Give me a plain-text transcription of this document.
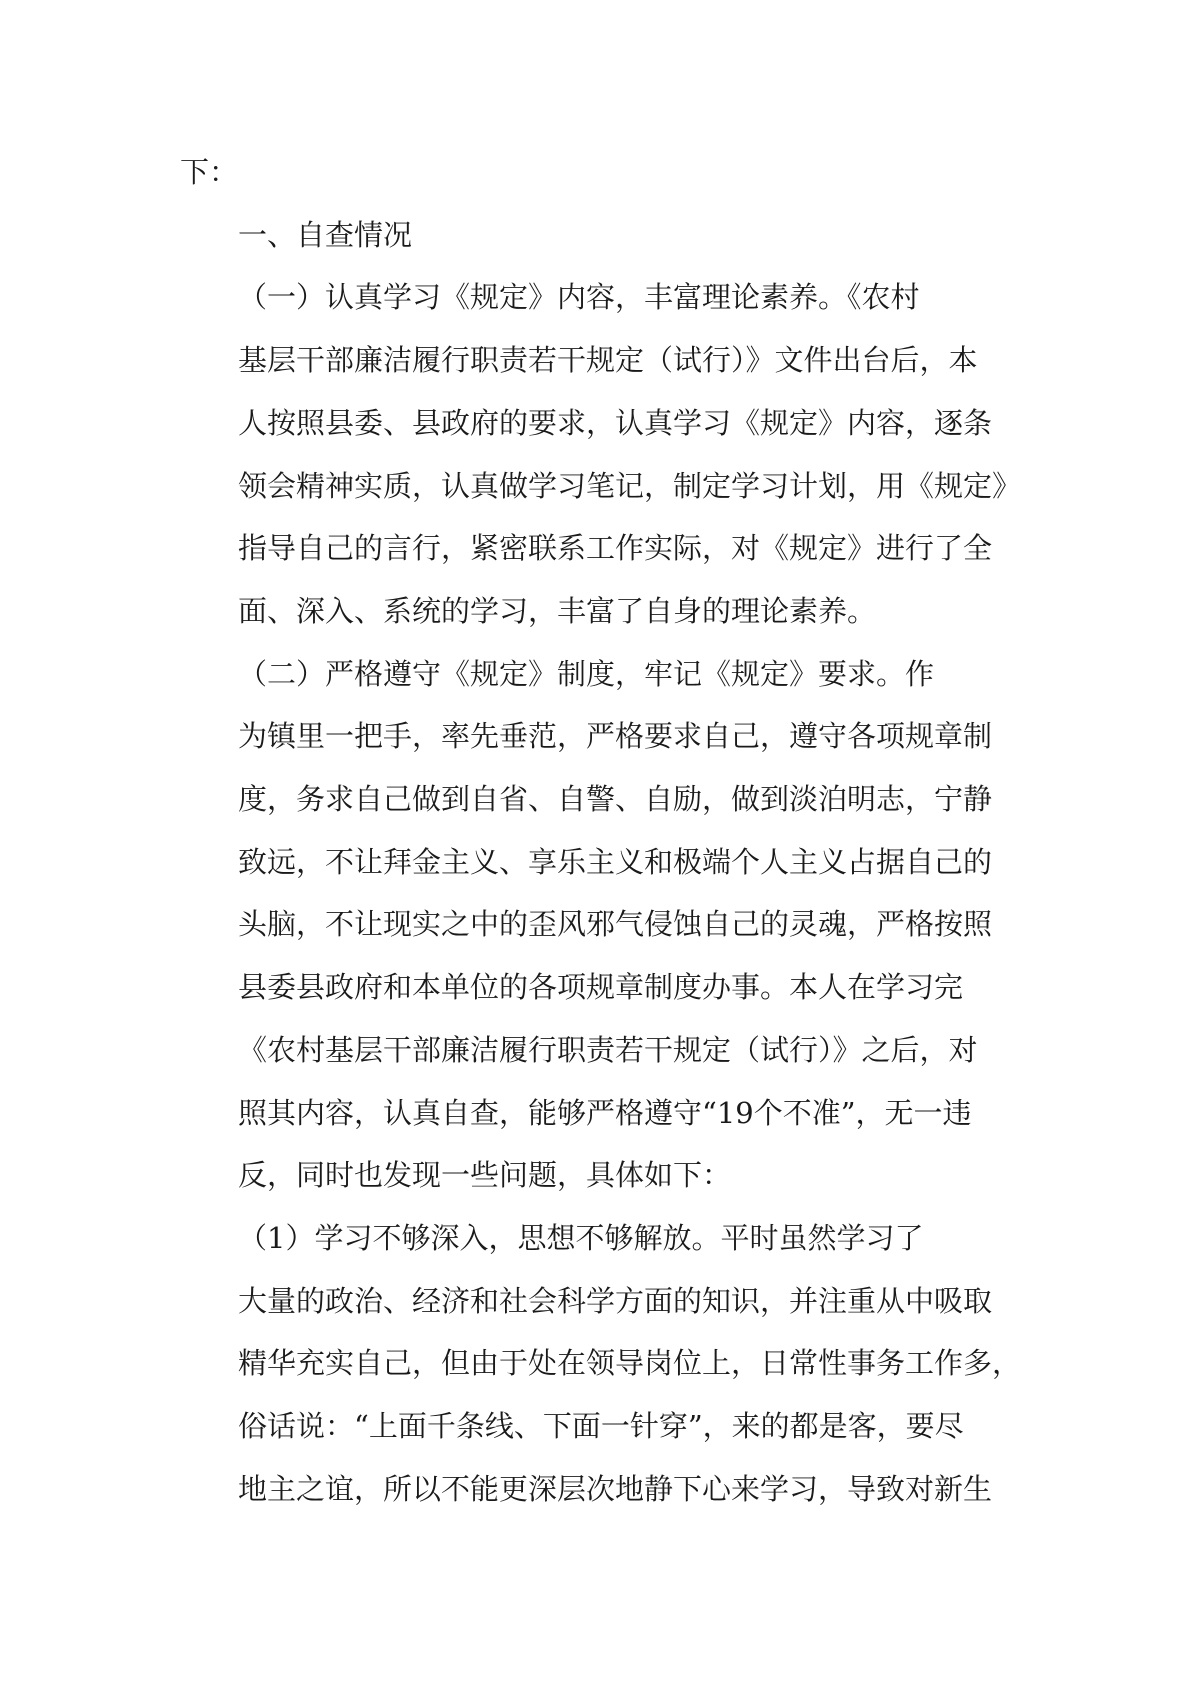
下：

一、自查情况

（一）认真学习《规定》内容，丰富理论素养。《农村
基层干部廉洁履行职责若干规定（试行）》文件出台后，本
人按照县委、县政府的要求，认真学习《规定》内容，逐条
领会精神实质，认真做学习笔记，制定学习计划，用《规定》
指导自己的言行，紧密联系工作实际，对《规定》进行了全
面、深入、系统的学习，丰富了自身的理论素养。

（二）严格遵守《规定》制度，牢记《规定》要求。作
为镇里一把手，率先垂范，严格要求自己，遵守各项规章制
度，务求自己做到自省、自警、自励，做到淡泊明志，宁静
致远，不让拜金主义、享乐主义和极端个人主义占据自己的
头脑，不让现实之中的歪风邪气侵蚀自己的灵魂，严格按照
县委县政府和本单位的各项规章制度办事。本人在学习完
《农村基层干部廉洁履行职责若干规定（试行）》之后，对
照其内容，认真自查，能够严格遵守“19个不准”，无一违
反，同时也发现一些问题，具体如下：

（1）学习不够深入，思想不够解放。平时虽然学习了
大量的政治、经济和社会科学方面的知识，并注重从中吸取
精华充实自己，但由于处在领导岗位上，日常性事务工作多，
俗话说：“上面千条线、下面一针穿”，来的都是客，要尽
地主之谊，所以不能更深层次地静下心来学习，导致对新生
